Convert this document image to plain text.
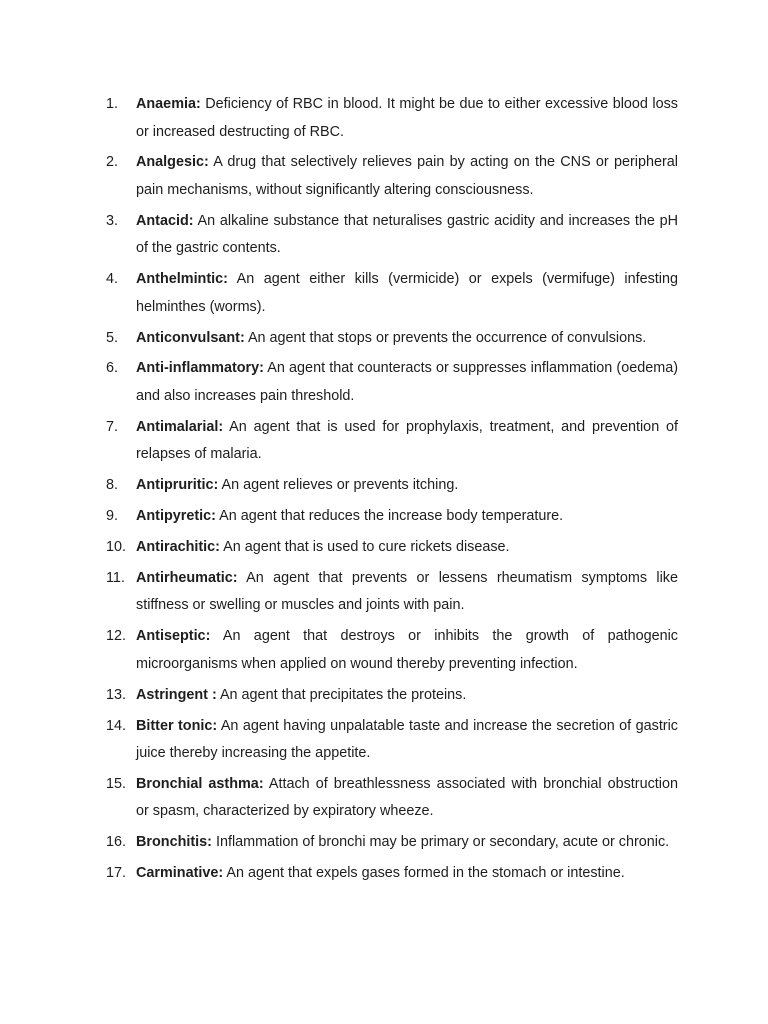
1.	Anaemia: Deficiency of RBC in blood. It might be due to either excessive blood loss or increased destructing of RBC.
2.	Analgesic: A drug that selectively relieves pain by acting on the CNS or peripheral pain mechanisms, without significantly altering consciousness.
3.	Antacid: An alkaline substance that neturalises gastric acidity and increases the pH of the gastric contents.
4.	Anthelmintic: An agent either kills (vermicide) or expels (vermifuge) infesting helminthes (worms).
5.	Anticonvulsant: An agent that stops or prevents the occurrence of convulsions.
6.	Anti-inflammatory: An agent that counteracts or suppresses inflammation (oedema) and also increases pain threshold.
7.	Antimalarial: An agent that is used for prophylaxis, treatment, and prevention of relapses of malaria.
8.	Antipruritic: An agent relieves or prevents itching.
9.	Antipyretic: An agent that reduces the increase body temperature.
10. Antirachitic: An agent that is used to cure rickets disease.
11. Antirheumatic: An agent that prevents or lessens rheumatism symptoms like stiffness or swelling or muscles and joints with pain.
12. Antiseptic: An agent that destroys or inhibits the growth of pathogenic microorganisms when applied on wound thereby preventing infection.
13. Astringent : An agent that precipitates the proteins.
14. Bitter tonic: An agent having unpalatable taste and increase the secretion of gastric juice thereby increasing the appetite.
15. Bronchial asthma: Attach of breathlessness associated with bronchial obstruction or spasm, characterized by expiratory wheeze.
16. Bronchitis: Inflammation of bronchi may be primary or secondary, acute or chronic.
17. Carminative: An agent that expels gases formed in the stomach or intestine.
